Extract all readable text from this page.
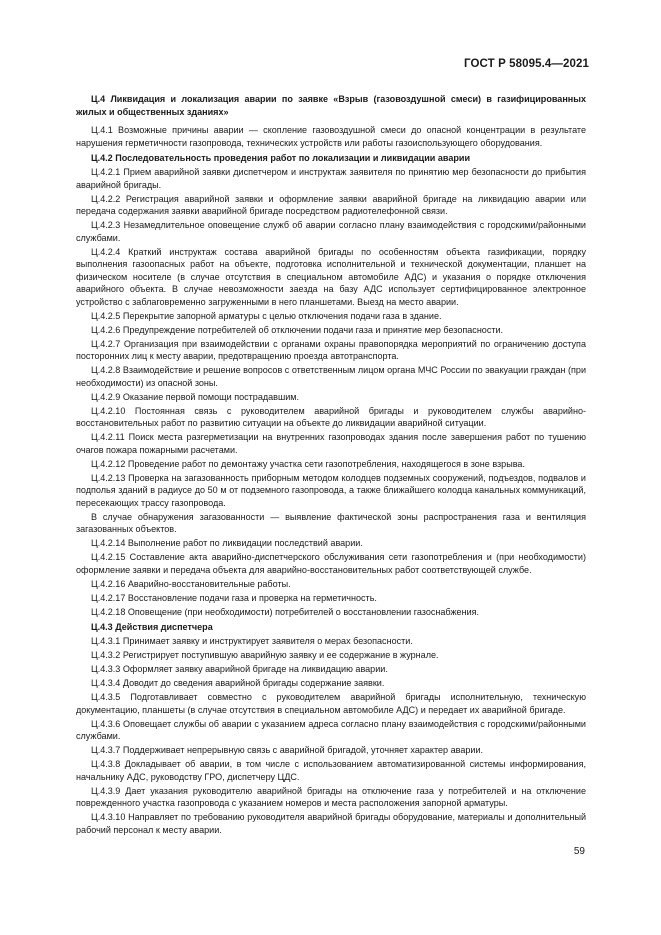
ГОСТ Р 58095.4—2021

Ц.4 Ликвидация и локализация аварии по заявке «Взрыв (газовоздушной смеси) в газифицированных жилых и общественных зданиях»

Ц.4.1 Возможные причины аварии — скопление газовоздушной смеси до опасной концентрации в результате нарушения герметичности газопровода, технических устройств или работы газоиспользующего оборудования.

Ц.4.2 Последовательность проведения работ по локализации и ликвидации аварии

Ц.4.2.1 Прием аварийной заявки диспетчером и инструктаж заявителя по принятию мер безопасности до прибытия аварийной бригады.

Ц.4.2.2 Регистрация аварийной заявки и оформление заявки аварийной бригаде на ликвидацию аварии или передача содержания заявки аварийной бригаде посредством радиотелефонной связи.

Ц.4.2.3 Незамедлительное оповещение служб об аварии согласно плану взаимодействия с городскими/районными службами.

Ц.4.2.4 Краткий инструктаж состава аварийной бригады по особенностям объекта газификации, порядку выполнения газоопасных работ на объекте, подготовка исполнительной и технической документации, планшет на физическом носителе (в случае отсутствия в специальном автомобиле АДС) и указания о порядке отключения аварийного объекта. В случае невозможности заезда на базу АДС использует сертифицированное электронное устройство с заблаговременно загруженными в него планшетами. Выезд на место аварии.

Ц.4.2.5 Перекрытие запорной арматуры с целью отключения подачи газа в здание.

Ц.4.2.6 Предупреждение потребителей об отключении подачи газа и принятие мер безопасности.

Ц.4.2.7 Организация при взаимодействии с органами охраны правопорядка мероприятий по ограничению доступа посторонних лиц к месту аварии, предотвращению проезда автотранспорта.

Ц.4.2.8 Взаимодействие и решение вопросов с ответственным лицом органа МЧС России по эвакуации граждан (при необходимости) из опасной зоны.

Ц.4.2.9 Оказание первой помощи пострадавшим.

Ц.4.2.10 Постоянная связь с руководителем аварийной бригады и руководителем службы аварийно-восстановительных работ по развитию ситуации на объекте до ликвидации аварийной ситуации.

Ц.4.2.11 Поиск места разгерметизации на внутренних газопроводах здания после завершения работ по тушению очагов пожара пожарными расчетами.

Ц.4.2.12 Проведение работ по демонтажу участка сети газопотребления, находящегося в зоне взрыва.

Ц.4.2.13 Проверка на загазованность приборным методом колодцев подземных сооружений, подъездов, подвалов и подполья зданий в радиусе до 50 м от подземного газопровода, а также ближайшего колодца канальных коммуникаций, пересекающих трассу газопровода.

В случае обнаружения загазованности — выявление фактической зоны распространения газа и вентиляция загазованных объектов.

Ц.4.2.14 Выполнение работ по ликвидации последствий аварии.

Ц.4.2.15 Составление акта аварийно-диспетчерского обслуживания сети газопотребления и (при необходимости) оформление заявки и передача объекта для аварийно-восстановительных работ соответствующей службе.

Ц.4.2.16 Аварийно-восстановительные работы.

Ц.4.2.17 Восстановление подачи газа и проверка на герметичность.

Ц.4.2.18 Оповещение (при необходимости) потребителей о восстановлении газоснабжения.

Ц.4.3 Действия диспетчера

Ц.4.3.1 Принимает заявку и инструктирует заявителя о мерах безопасности.

Ц.4.3.2 Регистрирует поступившую аварийную заявку и ее содержание в журнале.

Ц.4.3.3 Оформляет заявку аварийной бригаде на ликвидацию аварии.

Ц.4.3.4 Доводит до сведения аварийной бригады содержание заявки.

Ц.4.3.5 Подготавливает совместно с руководителем аварийной бригады исполнительную, техническую документацию, планшеты (в случае отсутствия в специальном автомобиле АДС) и передает их аварийной бригаде.

Ц.4.3.6 Оповещает службы об аварии с указанием адреса согласно плану взаимодействия с городскими/районными службами.

Ц.4.3.7 Поддерживает непрерывную связь с аварийной бригадой, уточняет характер аварии.

Ц.4.3.8 Докладывает об аварии, в том числе с использованием автоматизированной системы информирования, начальнику АДС, руководству ГРО, диспетчеру ЦДС.

Ц.4.3.9 Дает указания руководителю аварийной бригады на отключение газа у потребителей и на отключение поврежденного участка газопровода с указанием номеров и места расположения запорной арматуры.

Ц.4.3.10 Направляет по требованию руководителя аварийной бригады оборудование, материалы и дополнительный рабочий персонал к месту аварии.

59
